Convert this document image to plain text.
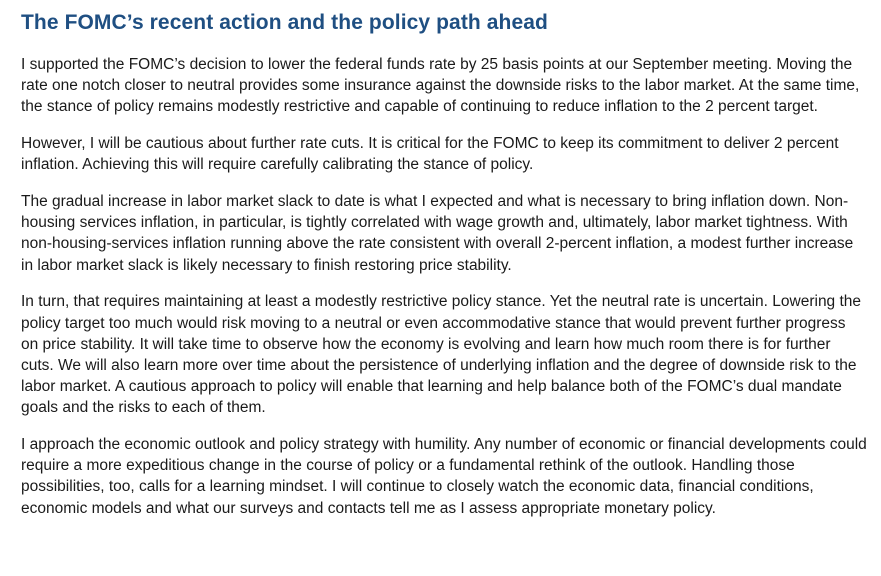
The FOMC’s recent action and the policy path ahead

I supported the FOMC’s decision to lower the federal funds rate by 25 basis points at our September meeting. Moving the rate one notch closer to neutral provides some insurance against the downside risks to the labor market. At the same time, the stance of policy remains modestly restrictive and capable of continuing to reduce inflation to the 2 percent target.

However, I will be cautious about further rate cuts. It is critical for the FOMC to keep its commitment to deliver 2 percent inflation. Achieving this will require carefully calibrating the stance of policy.

The gradual increase in labor market slack to date is what I expected and what is necessary to bring inflation down. Non-housing services inflation, in particular, is tightly correlated with wage growth and, ultimately, labor market tightness. With non-housing-services inflation running above the rate consistent with overall 2-percent inflation, a modest further increase in labor market slack is likely necessary to finish restoring price stability.

In turn, that requires maintaining at least a modestly restrictive policy stance. Yet the neutral rate is uncertain. Lowering the policy target too much would risk moving to a neutral or even accommodative stance that would prevent further progress on price stability. It will take time to observe how the economy is evolving and learn how much room there is for further cuts. We will also learn more over time about the persistence of underlying inflation and the degree of downside risk to the labor market. A cautious approach to policy will enable that learning and help balance both of the FOMC’s dual mandate goals and the risks to each of them.

I approach the economic outlook and policy strategy with humility. Any number of economic or financial developments could require a more expeditious change in the course of policy or a fundamental rethink of the outlook. Handling those possibilities, too, calls for a learning mindset. I will continue to closely watch the economic data, financial conditions, economic models and what our surveys and contacts tell me as I assess appropriate monetary policy.
